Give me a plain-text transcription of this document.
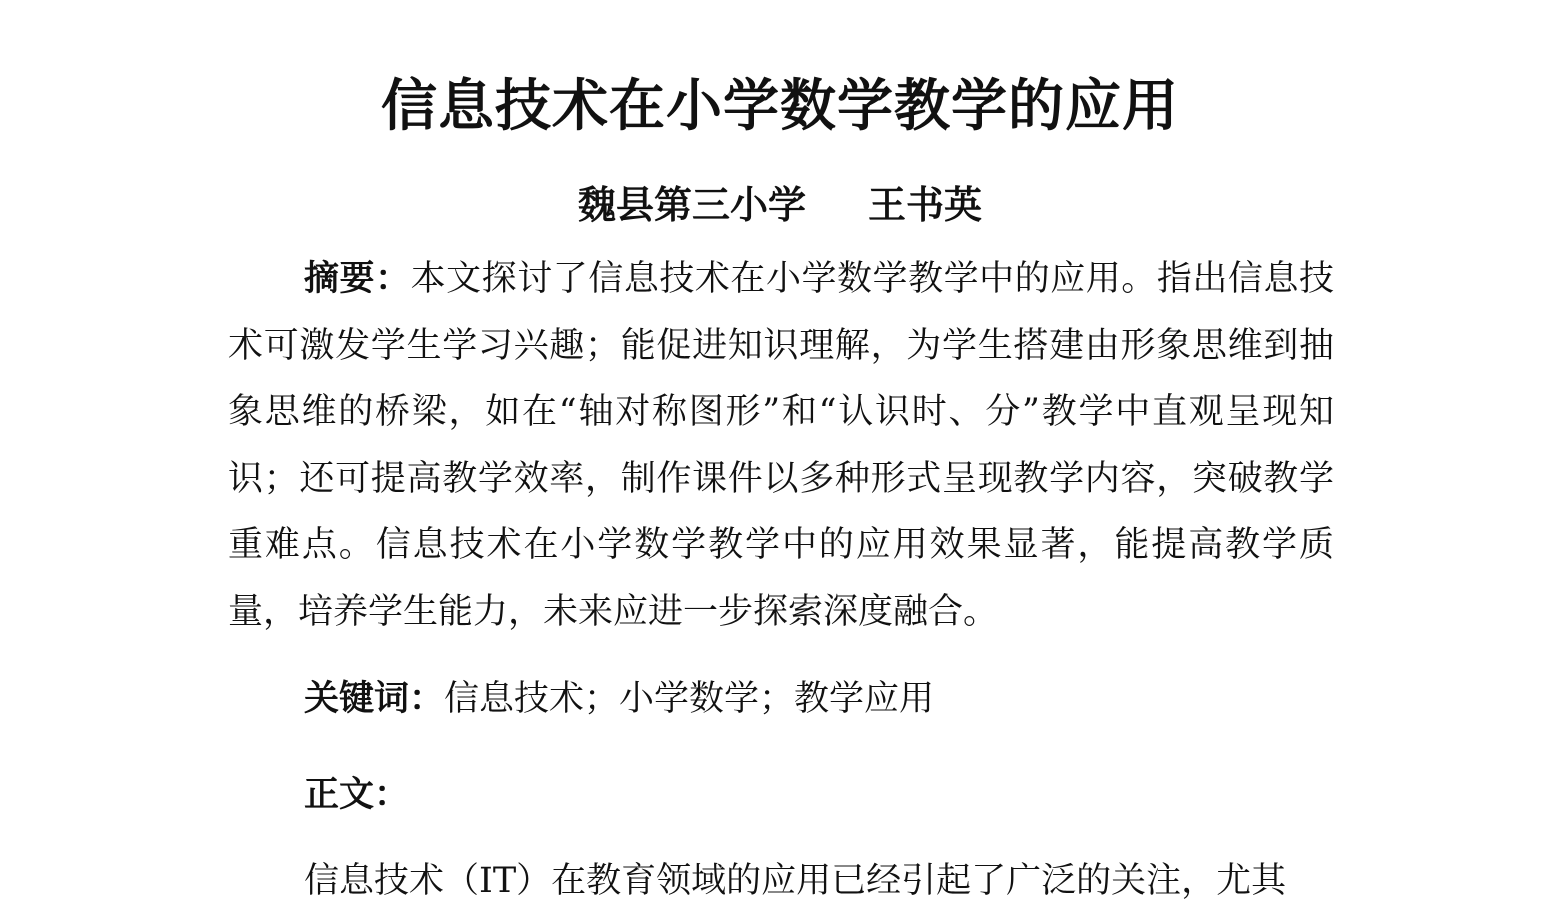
信息技术在小学数学教学的应用
魏县第三小学 王书英

摘要：本文探讨了信息技术在小学数学教学中的应用。指出信息技术可激发学生学习兴趣；能促进知识理解，为学生搭建由形象思维到抽象思维的桥梁，如在“轴对称图形”和“认识时、分”教学中直观呈现知识；还可提高教学效率，制作课件以多种形式呈现教学内容，突破教学重难点。信息技术在小学数学教学中的应用效果显著，能提高教学质量，培养学生能力，未来应进一步探索深度融合。

关键词：信息技术；小学数学；教学应用
正文：
信息技术（IT）在教育领域的应用已经引起了广泛的关注，尤其
